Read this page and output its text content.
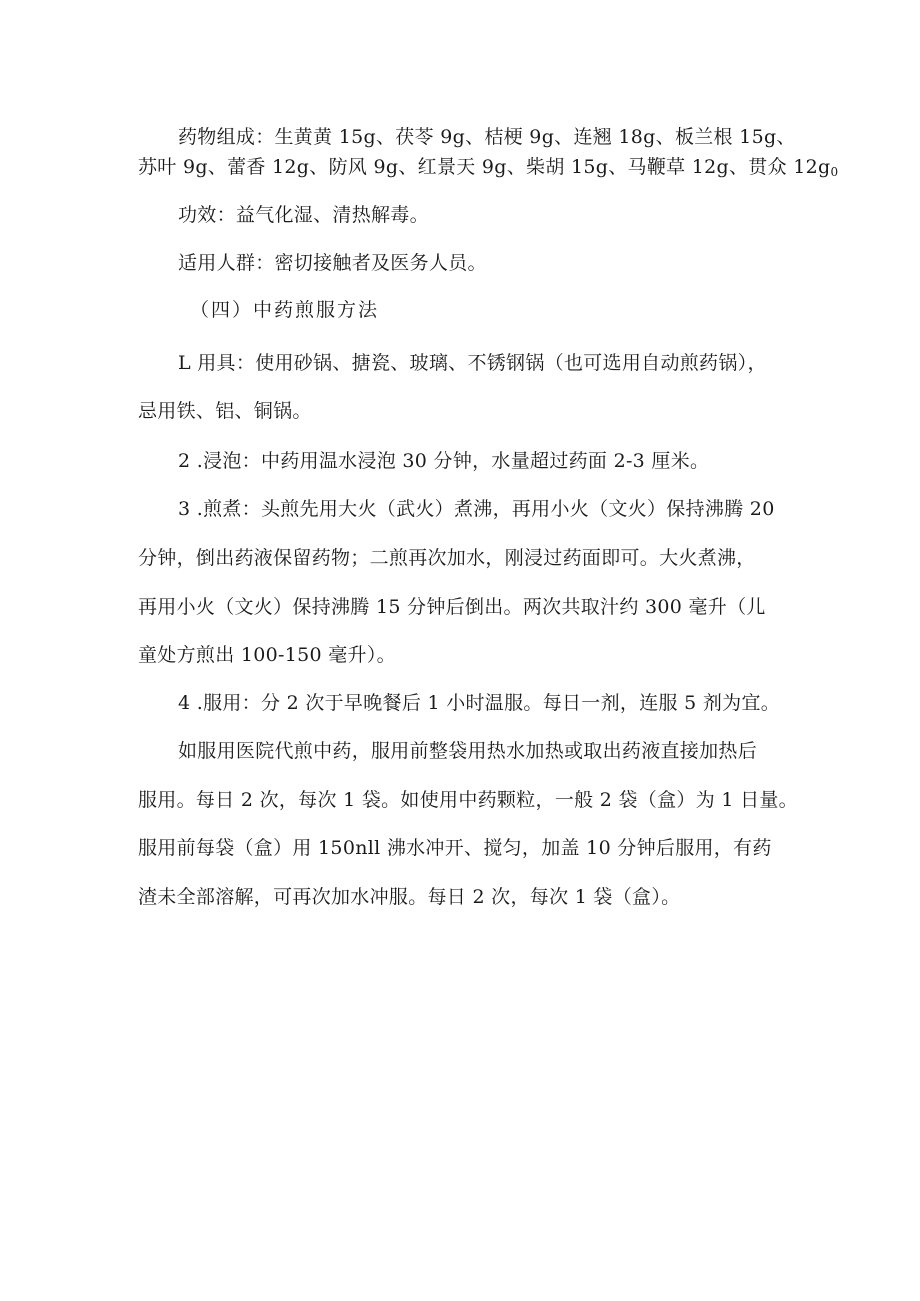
药物组成：生黄黄 15g、茯苓 9g、桔梗 9g、连翘 18g、板兰根 15g、
苏叶 9g、蕾香 12g、防风 9g、红景天 9g、柴胡 15g、马鞭草 12g、贯众 $12g_0$
功效：益气化湿、清热解毒。
适用人群：密切接触者及医务人员。
（四）中药煎服方法
L 用具：使用砂锅、搪瓷、玻璃、不锈钢锅（也可选用自动煎药锅），
忌用铁、铝、铜锅。
2 .浸泡：中药用温水浸泡 30 分钟，水量超过药面 2-3 厘米。
3 .煎煮：头煎先用大火（武火）煮沸，再用小火（文火）保持沸腾 20
分钟，倒出药液保留药物；二煎再次加水，刚浸过药面即可。大火煮沸，
再用小火（文火）保持沸腾 15 分钟后倒出。两次共取汁约 300 毫升（儿
童处方煎出 100-150 毫升）。
4 .服用：分 2 次于早晚餐后 1 小时温服。每日一剂，连服 5 剂为宜。
如服用医院代煎中药，服用前整袋用热水加热或取出药液直接加热后
服用。每日 2 次，每次 1 袋。如使用中药颗粒，一般 2 袋（盒）为 1 日量。
服用前每袋（盒）用 150nll 沸水冲开、搅匀，加盖 10 分钟后服用，有药
渣未全部溶解，可再次加水冲服。每日 2 次，每次 1 袋（盒）。
